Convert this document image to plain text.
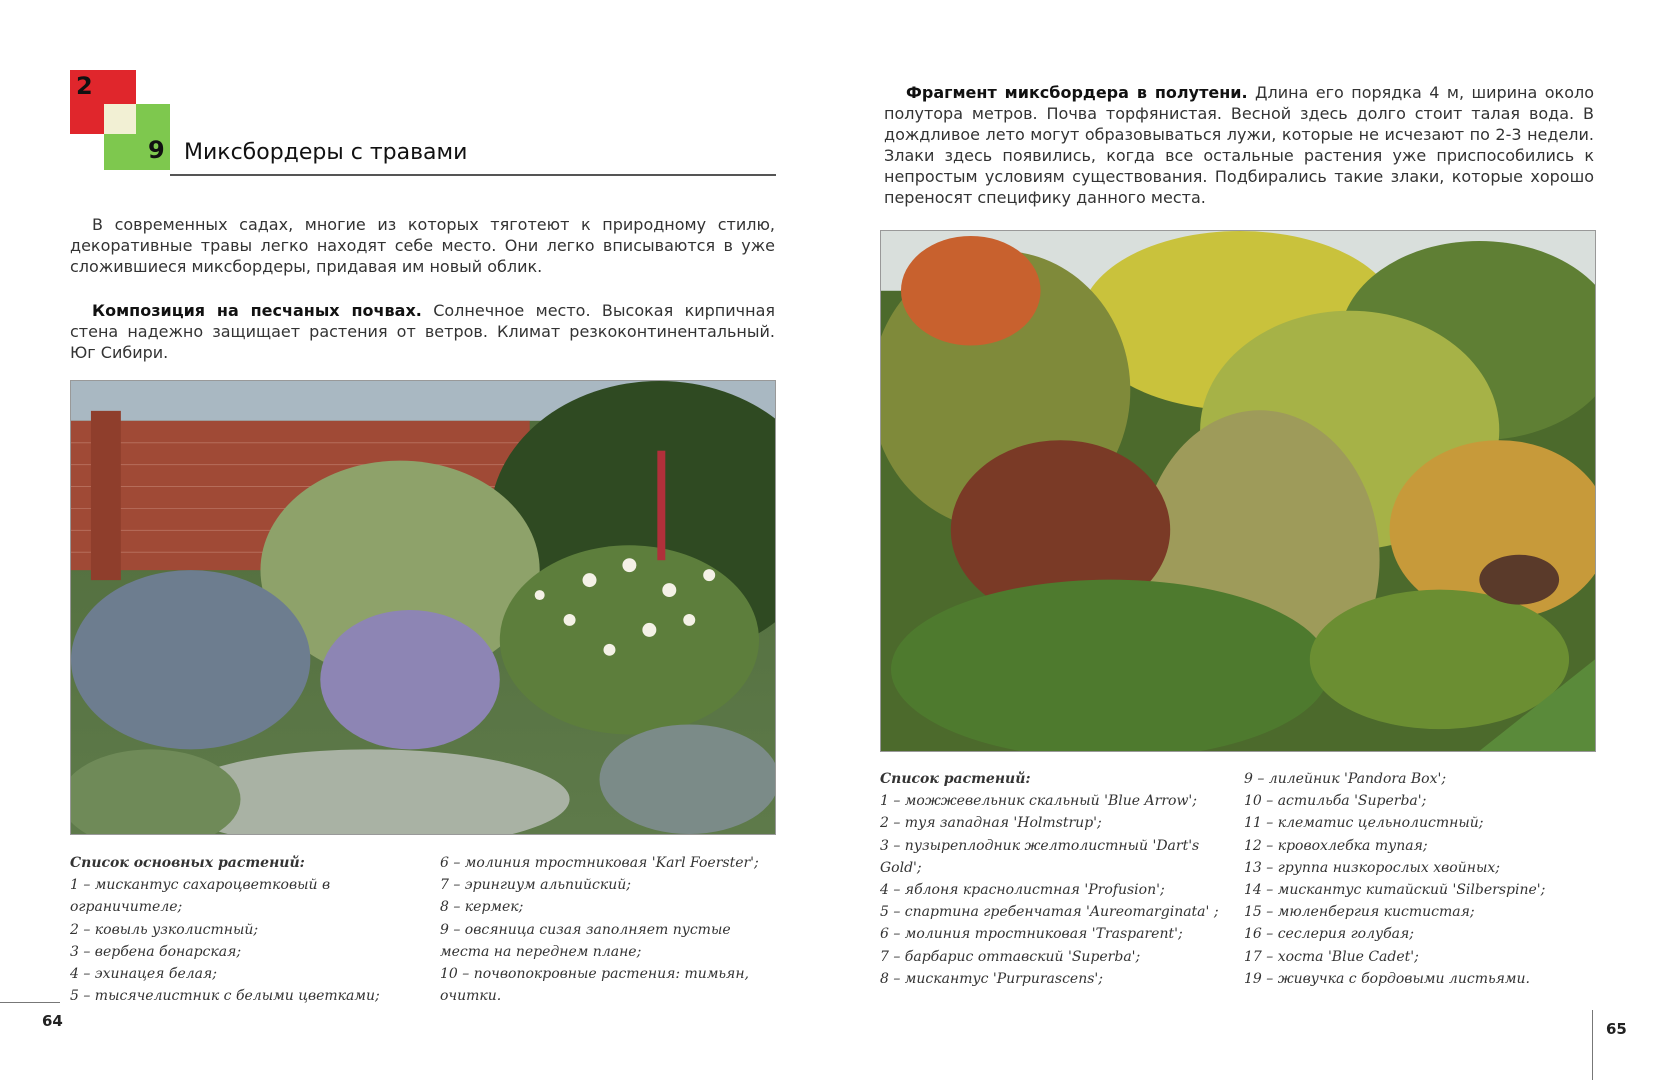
2
9 Миксбордеры с травами

В современных садах, многие из которых тяготеют к природному стилю, декоративные травы легко находят себе место. Они легко вписываются в уже сложившиеся миксбордеры, придавая им новый облик.

Композиция на песчаных почвах. Солнечное место. Высокая кирпичная стена надежно защищает растения от ветров. Климат резкоконтинентальный. Юг Сибири.

Список основных растений:
1 – мискантус сахароцветковый в ограничителе;
2 – ковыль узколистный;
3 – вербена бонарская;
4 – эхинацея белая;
5 – тысячелистник с белыми цветками;
6 – молиния тростниковая 'Karl Foerster';
7 – эрингиум альпийский;
8 – кермек;
9 – овсяница сизая заполняет пустые места на переднем плане;
10 – почвопокровные растения: тимьян, очитки.
64

Фрагмент миксбордера в полутени. Длина его порядка 4 м, ширина около полутора метров. Почва торфянистая. Весной здесь долго стоит талая вода. В дождливое лето могут образовываться лужи, которые не исчезают по 2-3 недели. Злаки здесь появились, когда все остальные растения уже приспособились к непростым условиям существования. Подбирались такие злаки, которые хорошо переносят специфику данного места.

Список растений:
1 – можжевельник скальный 'Blue Arrow';
2 – туя западная 'Holmstrup';
3 – пузыреплодник желтолистный 'Dart's Gold';
4 – яблоня краснолистная 'Profusion';
5 – спартина гребенчатая 'Aureomarginata' ;
6 – молиния тростниковая 'Trasparent';
7 – барбарис оттавский 'Superba';
8 – мискантус 'Purpurascens';
9 – лилейник 'Pandora Box';
10 – астильба 'Superba';
11 – клематис цельнолистный;
12 – кровохлебка тупая;
13 – группа низкорослых хвойных;
14 – мискантус китайский 'Silberspine';
15 – мюленбергия кистистая;
16 – сеслерия голубая;
17 – хоста 'Blue Cadet';
19 – живучка с бордовыми листьями.
65
